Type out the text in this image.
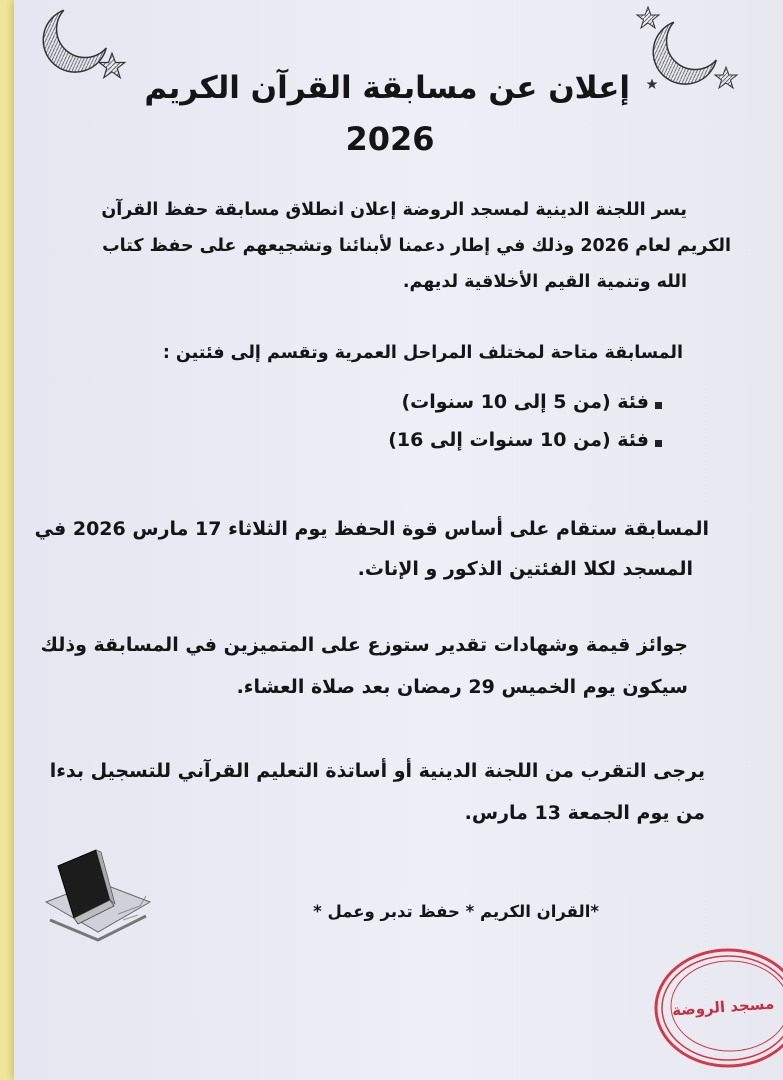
إعلان عن مسابقة القرآن الكريم
2026
يسر اللجنة الدينية لمسجد الروضة إعلان انطلاق مسابقة حفظ القرآن
الكريم لعام 2026 وذلك في إطار دعمنا لأبنائنا وتشجيعهم على حفظ كتاب
الله وتنمية القيم الأخلاقية لديهم.
المسابقة متاحة لمختلف المراحل العمرية وتقسم إلى فئتين :
فئة (من 5 إلى 10 سنوات)
فئة (من 10 سنوات إلى 16)
المسابقة ستقام على أساس قوة الحفظ يوم الثلاثاء 17 مارس 2026 في
المسجد لكلا الفئتين الذكور و الإناث.
جوائز قيمة وشهادات تقدير ستوزع على المتميزين في المسابقة وذلك
سيكون يوم الخميس 29 رمضان بعد صلاة العشاء.
يرجى التقرب من اللجنة الدينية أو أساتذة التعليم القرآني للتسجيل بدءا
من يوم الجمعة 13 مارس.
*القران الكريم * حفظ تدبر وعمل *
مسجد الروضة
